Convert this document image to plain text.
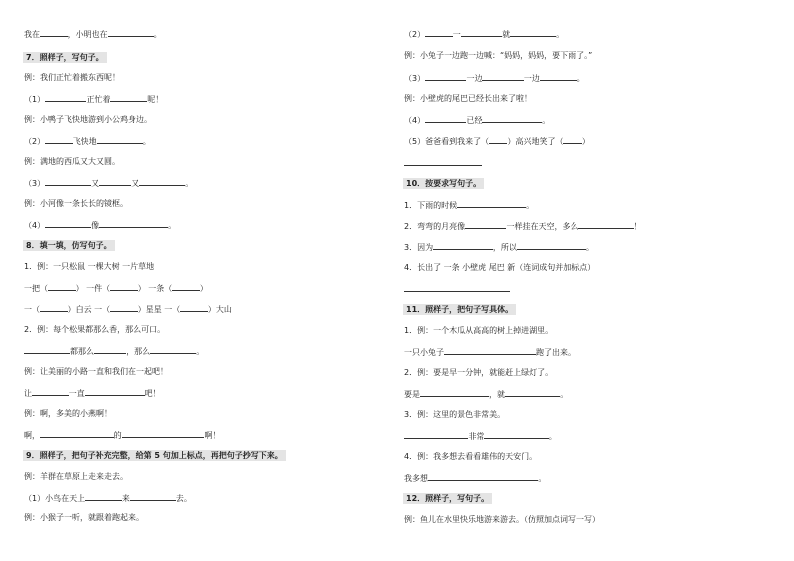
我在	，小明也在	。
7．照样子，写句子。
例：我们正忙着搬东西呢！
（1）	正忙着	呢！
例：小鸭子飞快地游到小公鸡身边。
（2）	飞快地	。
例：满地的西瓜又大又圆。
（3）	又	又	。
例：小河像一条长长的镜框。
（4）	像	。
8．填一填，仿写句子。
1．例：一只松鼠 一棵大树 一片草地
一把（	） 一件（	） 一条（	）
一（	）白云 一（	）星星 一（	）大山
2．例：每个松果都那么香，那么可口。
都那么	，那么	。
例：让美丽的小路一直和我们在一起吧！
让	一直	吧！
例：啊，多美的小燕啊！
啊，	的	啊！
9．照样子，把句子补充完整，给第 5 句加上标点，再把句子抄写下来。
例：羊群在草原上走来走去。
（1）小鸟在天上	来	去。
例：小猴子一听，就跟着跑起来。
（2）	一	就	。
例：小兔子一边跑一边喊：“妈妈，妈妈，要下雨了。”
（3）	一边	一边	。
例：小壁虎的尾巴已经长出来了啦！
（4）	已经	。
（5）爸爸看到我来了（ ）高兴地笑了（ ）
10．按要求写句子。
1．下雨的时候	。
2．弯弯的月亮像	一样挂在天空，多么	！
3．因为	，所以	。
4．长出了 一条 小壁虎 尾巴 新（连词成句并加标点）
11．照样子，把句子写具体。
1．例：一个木瓜从高高的树上掉进湖里。
一只小兔子	跑了出来。
2．例：要是早一分钟，就能赶上绿灯了。
要是	，就	。
3．例：这里的景色非常美。
非常	。
4．例：我多想去看看雄伟的天安门。
我多想	。
12．照样子，写句子。
例：鱼儿在水里快乐地游来游去。（仿照加点词写一写）
